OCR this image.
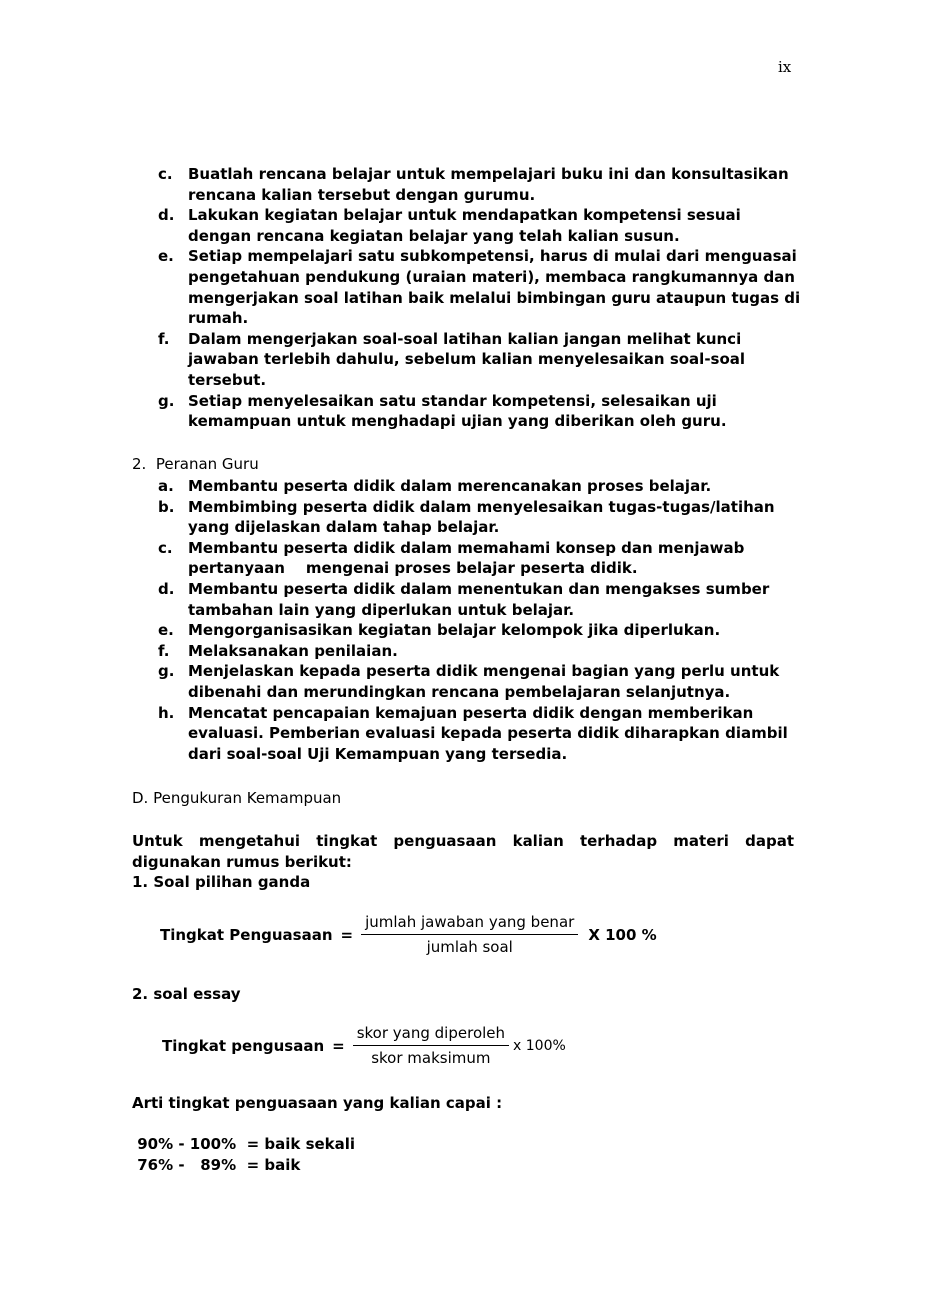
ix
c.	Buatlah rencana belajar untuk mempelajari buku ini dan konsultasikan rencana kalian tersebut dengan gurumu.
d. Lakukan kegiatan belajar untuk mendapatkan kompetensi sesuai dengan rencana kegiatan belajar yang telah kalian susun.
e. Setiap mempelajari satu subkompetensi, harus di mulai dari menguasai pengetahuan pendukung (uraian materi), membaca rangkumannya dan mengerjakan soal latihan baik melalui bimbingan guru ataupun tugas di rumah.
f.	Dalam mengerjakan soal-soal latihan kalian jangan melihat kunci jawaban terlebih dahulu, sebelum kalian menyelesaikan soal-soal tersebut.
g. Setiap menyelesaikan satu standar kompetensi, selesaikan uji kemampuan untuk menghadapi ujian yang diberikan oleh guru.
2.  Peranan Guru
a. Membantu peserta didik dalam merencanakan proses belajar.
b. Membimbing peserta didik dalam menyelesaikan tugas-tugas/latihan yang dijelaskan dalam tahap belajar.
c.	Membantu peserta didik dalam memahami konsep dan menjawab pertanyaan    mengenai proses belajar peserta didik.
d. Membantu peserta didik dalam menentukan dan mengakses sumber tambahan lain yang diperlukan untuk belajar.
e. Mengorganisasikan kegiatan belajar kelompok jika diperlukan.
f.	Melaksanakan penilaian.
g. Menjelaskan kepada peserta didik mengenai bagian yang perlu untuk dibenahi dan merundingkan rencana pembelajaran selanjutnya.
h. Mencatat pencapaian kemajuan peserta didik dengan memberikan evaluasi. Pemberian evaluasi kepada peserta didik diharapkan diambil dari soal-soal Uji Kemampuan yang tersedia.
D. Pengukuran Kemampuan
Untuk mengetahui tingkat penguasaan kalian terhadap materi dapat
digunakan rumus berikut:
1. Soal pilihan ganda
Tingkat Penguasaan = $\frac{\text{jumlah jawaban yang benar}}{\text{jumlah soal}}$ X 100 %
2. soal essay
Tingkat pengusaan = $\frac{\text{skor yang diperoleh}}{\text{skor maksimum}}$ x 100%
Arti tingkat penguasaan yang kalian capai :
90% - 100%  = baik sekali
76% -   89%  = baik
